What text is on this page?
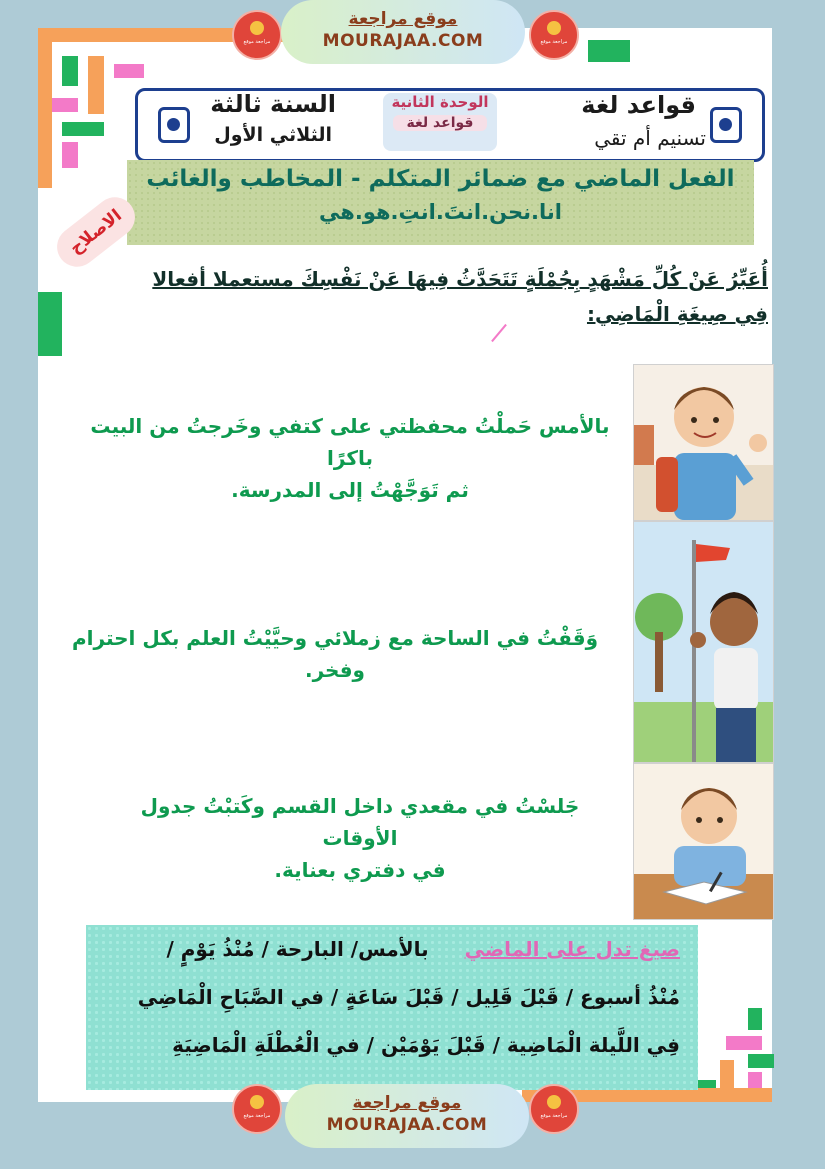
مراجعة موقع
موقع مراجعة
MOURAJAA.COM	مراجعة موقع
قواعد لغة
تسنيم أم تقي
الوحدة الثانية
قواعد لغة
السنة ثالثة
الثلاثي الأول
الفعل الماضي مع ضمائر المتكلم - المخاطب والغائب
انا.نحن.انتَ.انتِ.هو.هي
الاصلاح
أُعَبِّرُ عَنْ كُلِّ مَشْهَدٍ بِجُمْلَةٍ تَتَحَدَّثُ فِيهَا عَنْ نَفْسِكَ مستعملا أفعالا فِي صِيغَةِ الْمَاضِي:
بالأمس حَملْتُ محفظتي على كتفي وخَرجتُ من البيت باكرًا
ثم تَوَجَّهْتُ إلى المدرسة.
وَقَفْتُ في الساحة مع زملائي وحيَّيْتُ العلم بكل احترام وفخر.
جَلسْتُ في مقعدي داخل القسم وكَتبْتُ جدول الأوقات
في دفتري بعناية.
صيغ تدل على الماضي  بالأمس/ البارحة / مُنْذُ يَوْمٍ /
مُنْذُ أسبوع / قَبْلَ قَلِيل / قَبْلَ سَاعَةٍ / في الصَّبَاحِ الْمَاضِي
فِي اللَّيلة الْمَاضِية / قَبْلَ يَوْمَيْن / في الْعُطْلَةِ الْمَاضِيَةِ
مراجعة موقع
موقع مراجعة
MOURAJAA.COM	مراجعة موقع
